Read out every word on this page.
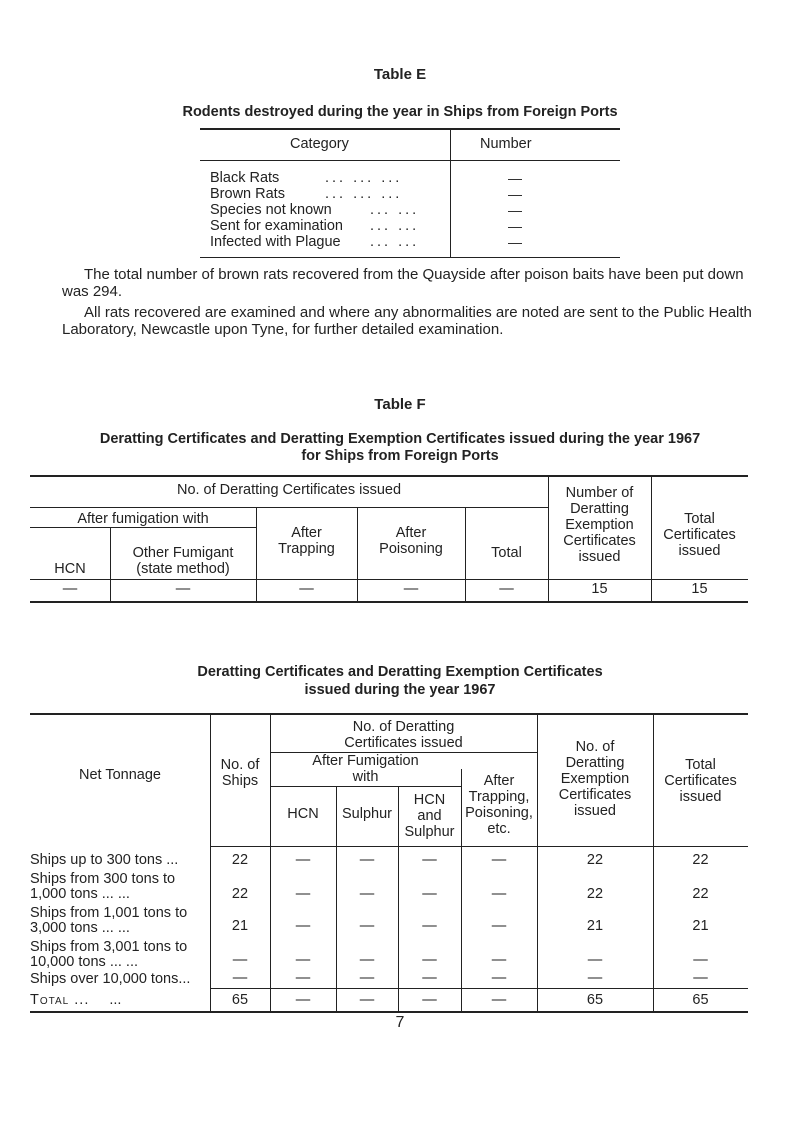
Table E
Rodents destroyed during the year in Ships from Foreign Ports
Category	Number
Black Rats	... ... ...	—
Brown Rats	... ... ...	—
Species not known	... ...	—
Sent for examination ... ...	—
Infected with Plague ... ...	—
The total number of brown rats recovered from the Quayside after poison baits have been put down was 294.
All rats recovered are examined and where any abnormalities are noted are sent to the Public Health Laboratory, Newcastle upon Tyne, for further detailed examination.
Table F
Deratting Certificates and Deratting Exemption Certificates issued during the year 1967
for Ships from Foreign Ports
No. of Deratting Certificates issued
After fumigation with
HCN
Other Fumigant
(state method)
After
Trapping
After
Poisoning	Total
Number of
Deratting
Exemption
Certificates
issued
Total
Certificates
issued
—	—	—	—	—	15	15
Deratting Certificates and Deratting Exemption Certificates
issued during the year 1967
Net Tonnage
No. of
Ships
No. of Deratting
Certificates issued
After Fumigation
with
HCN	Sulphur
HCN
and
Sulphur
After
Trapping,
Poisoning,
etc.
No. of
Deratting
Exemption
Certificates
issued
Total
Certificates
issued
Ships up to 300 tons ...	22	—	—	—	—	22	22
Ships from 300 tons to
1,000 tons ... ...	22	—	—	—	—	22	22
Ships from 1,001 tons to
3,000 tons ... ...	21	—	—	—	—	21	21
Ships from 3,001 tons to
10,000 tons ... ...	—	—	—	—	—	—	—
Ships over 10,000 tons...	—	—	—	—	—	—	—
Total ... ...	65	—	—	—	—	65	65
7
